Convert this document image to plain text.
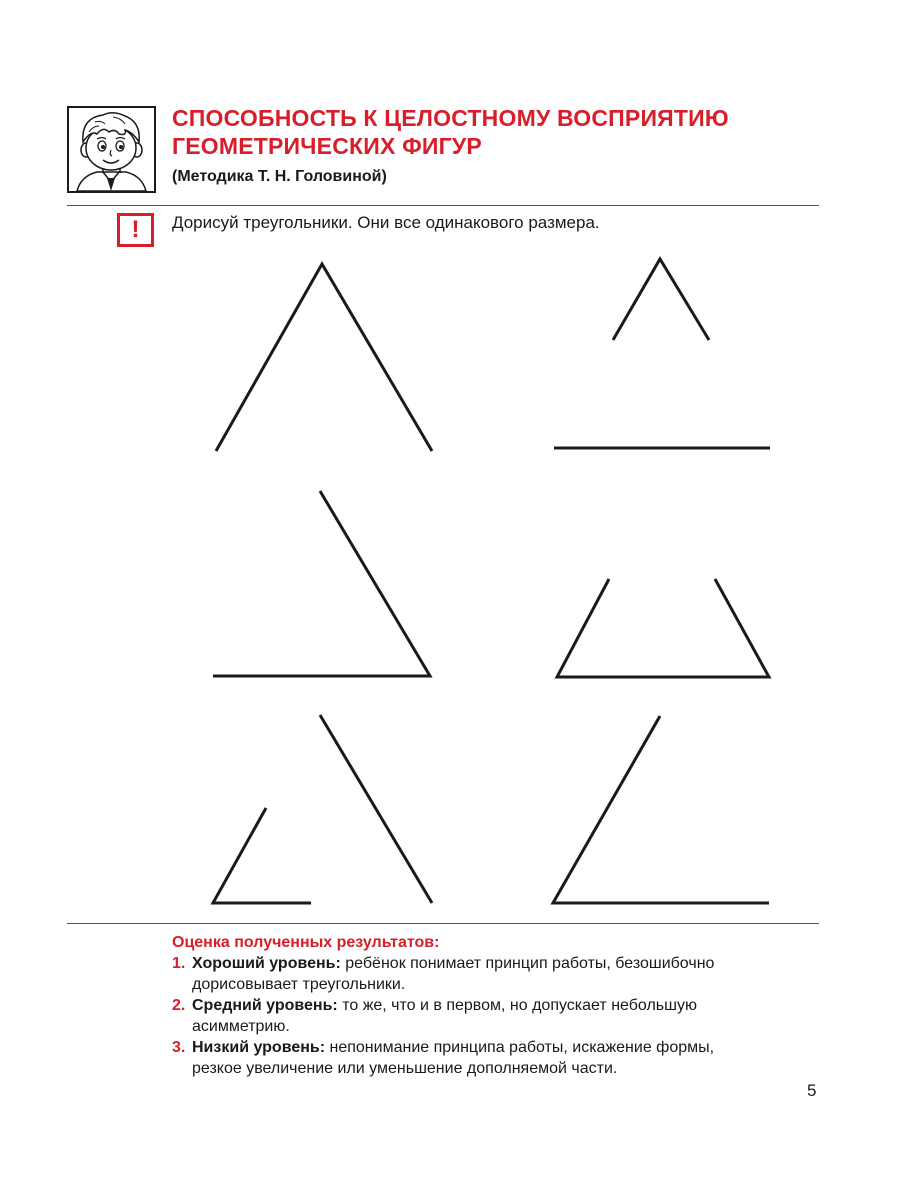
СПОСОБНОСТЬ К ЦЕЛОСТНОМУ ВОСПРИЯТИЮ
ГЕОМЕТРИЧЕСКИХ ФИГУР
(Методика Т. Н. Головиной)
!	Дорисуй треугольники. Они все одинакового размера.
Оценка полученных результатов:
1. Хороший уровень: ребёнок понимает принцип работы, безошибочно
дорисовывает треугольники.
2. Средний уровень: то же, что и в первом, но допускает небольшую
асимметрию.
3. Низкий уровень: непонимание принципа работы, искажение формы,
резкое увеличение или уменьшение дополняемой части.
5
